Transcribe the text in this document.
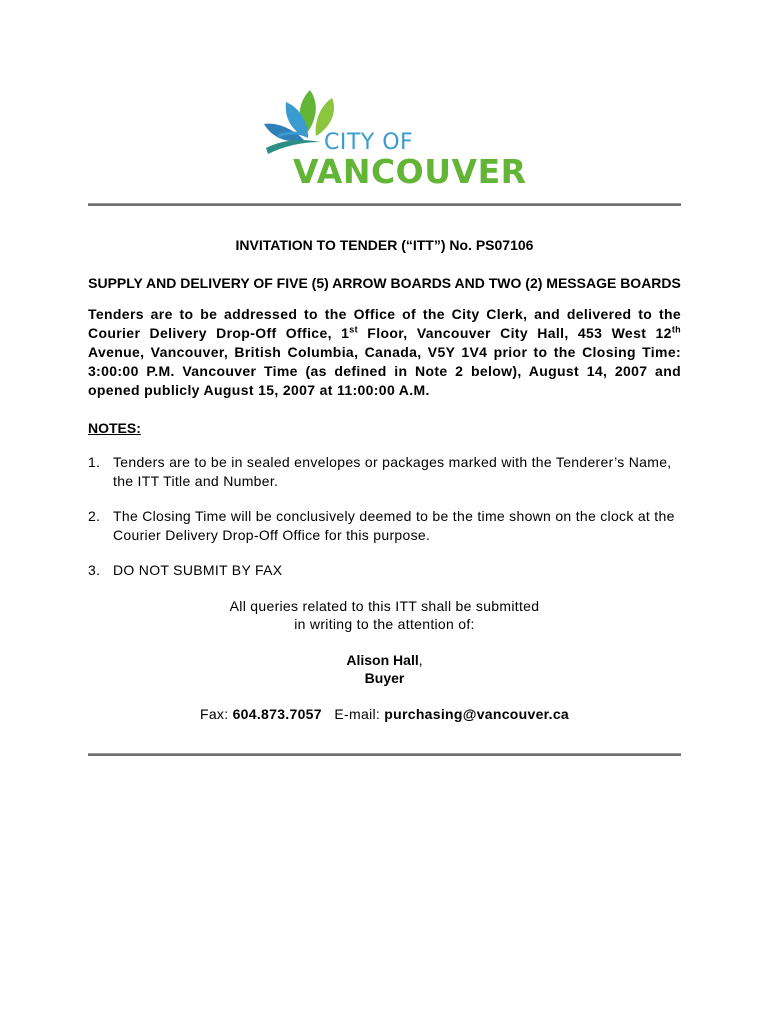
CITY OF

VANCOUVER

INVITATION TO TENDER (“ITT”) No. PS07106

SUPPLY AND DELIVERY OF FIVE (5) ARROW BOARDS AND TWO (2) MESSAGE BOARDS

Tenders are to be addressed to the Office of the City Clerk, and delivered to the Courier Delivery Drop-Off Office, 1st Floor, Vancouver City Hall, 453 West 12th Avenue, Vancouver, British Columbia, Canada, V5Y 1V4 prior to the Closing Time: 3:00:00 P.M. Vancouver Time (as defined in Note 2 below), August 14, 2007 and opened publicly August 15, 2007 at 11:00:00 A.M.

NOTES:

1. Tenders are to be in sealed envelopes or packages marked with the Tenderer’s Name, the ITT Title and Number.
2. The Closing Time will be conclusively deemed to be the time shown on the clock at the Courier Delivery Drop-Off Office for this purpose.
3. DO NOT SUBMIT BY FAX

All queries related to this ITT shall be submitted

in writing to the attention of:

Alison Hall,

Buyer

Fax: 604.873.7057 E-mail: purchasing@vancouver.ca
